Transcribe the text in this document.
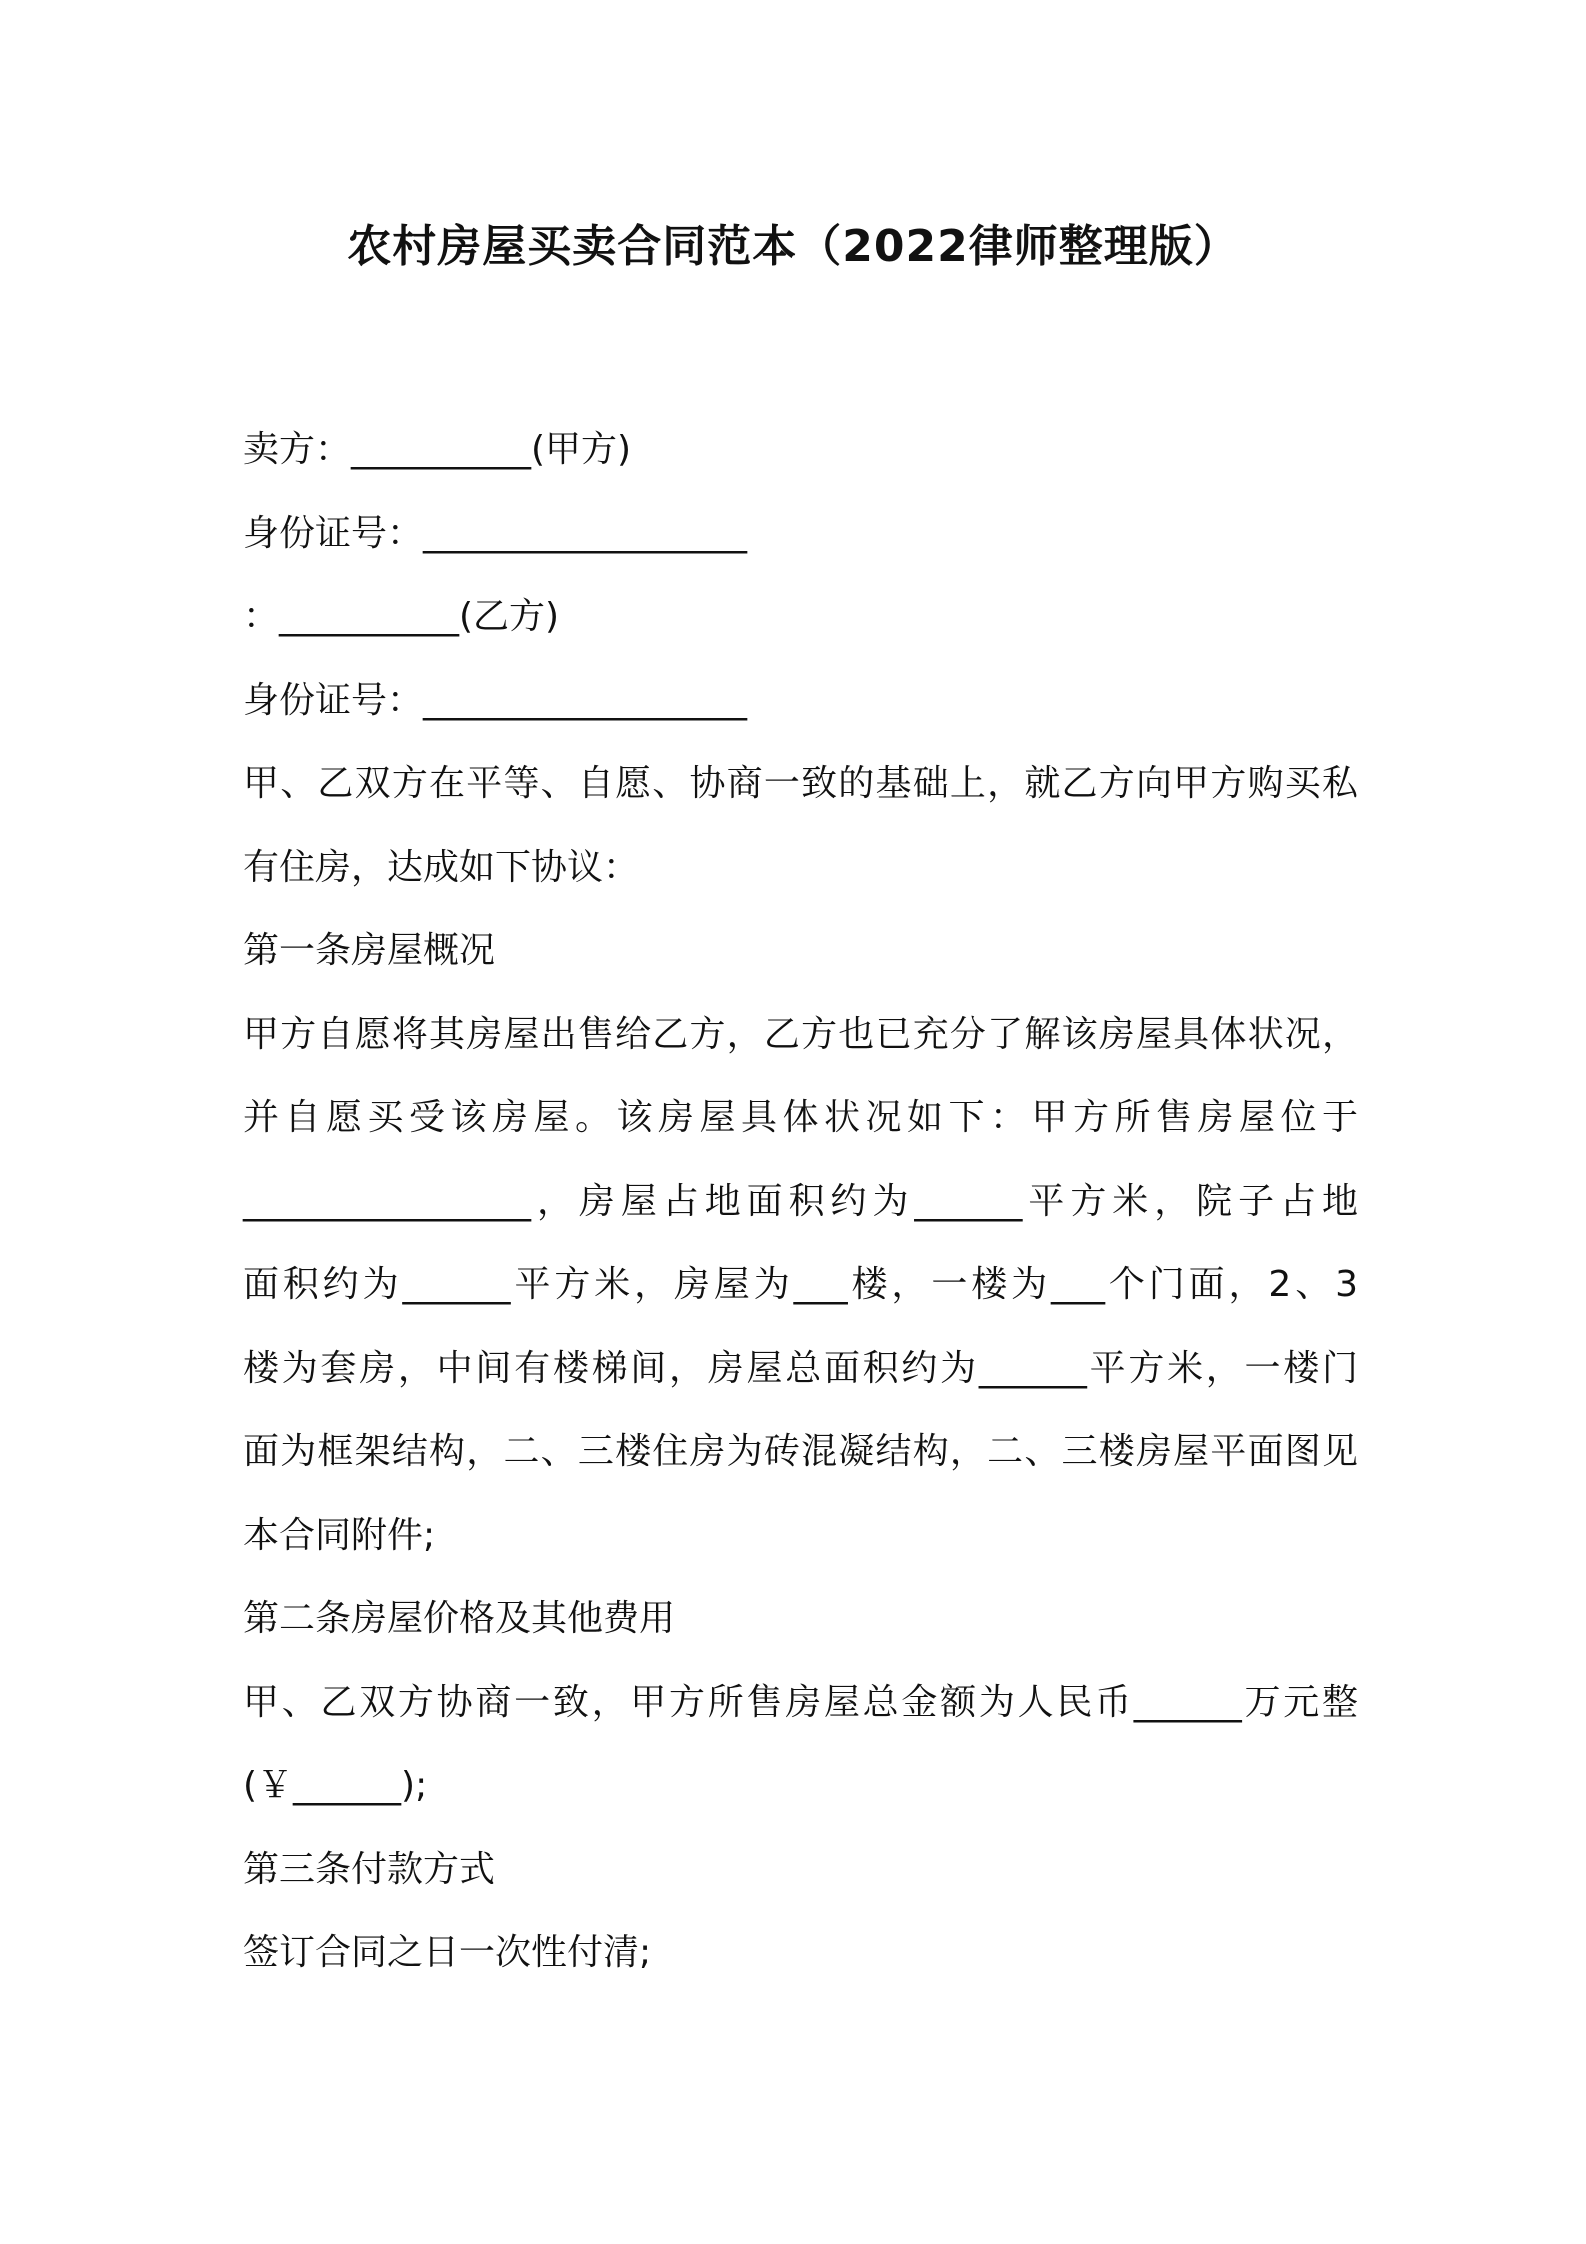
农村房屋买卖合同范本（2022律师整理版）
卖方：__________(甲方)
身份证号：__________________
：__________(乙方)
身份证号：__________________
甲、乙双方在平等、自愿、协商一致的基础上，就乙方向甲方购买私
有住房，达成如下协议：
第一条房屋概况
甲方自愿将其房屋出售给乙方，乙方也已充分了解该房屋具体状况，
并自愿买受该房屋。该房屋具体状况如下：甲方所售房屋位于
________________，房屋占地面积约为______平方米，院子占地
面积约为______平方米，房屋为___楼，一楼为___个门面，2、3
楼为套房，中间有楼梯间，房屋总面积约为______平方米，一楼门
面为框架结构，二、三楼住房为砖混凝结构，二、三楼房屋平面图见
本合同附件;
第二条房屋价格及其他费用
甲、乙双方协商一致，甲方所售房屋总金额为人民币______万元整
(￥______);
第三条付款方式
签订合同之日一次性付清;
